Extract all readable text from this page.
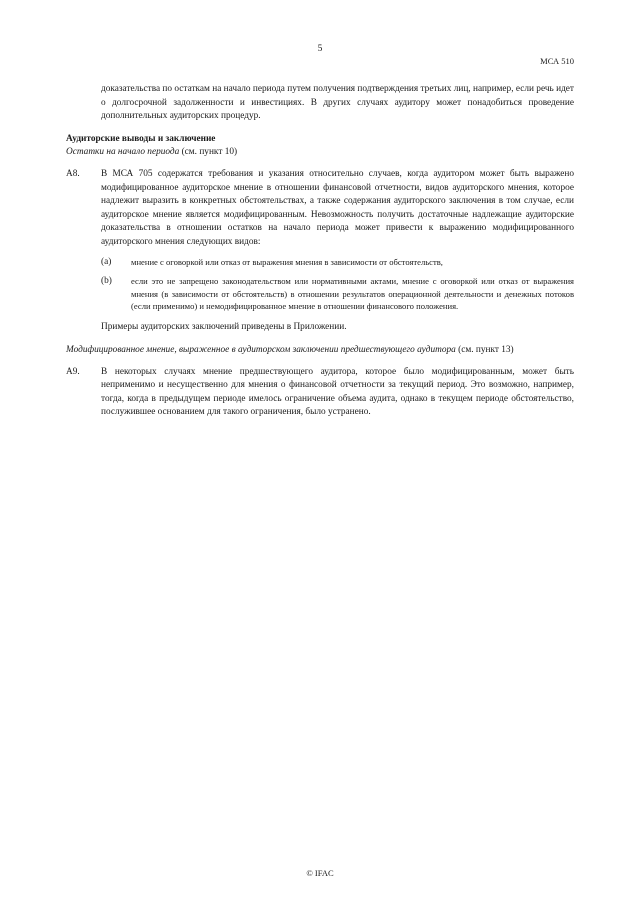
5
МСА 510
доказательства по остаткам на начало периода путем получения подтверждения третьих лиц, например, если речь идет о долгосрочной задолженности и инвестициях. В других случаях аудитору может понадобиться проведение дополнительных аудиторских процедур.
Аудиторские выводы и заключение
Остатки на начало периода (см. пункт 10)
A8.	В МСА 705 содержатся требования и указания относительно случаев, когда аудитором может быть выражено модифицированное аудиторское мнение в отношении финансовой отчетности, видов аудиторского мнения, которое надлежит выразить в конкретных обстоятельствах, а также содержания аудиторского заключения в том случае, если аудиторское мнение является модифицированным. Невозможность получить достаточные надлежащие аудиторские доказательства в отношении остатков на начало периода может привести к выражению модифицированного аудиторского мнения следующих видов:
(a)	мнение с оговоркой или отказ от выражения мнения в зависимости от обстоятельств,
(b)	если это не запрещено законодательством или нормативными актами, мнение с оговоркой или отказ от выражения мнения (в зависимости от обстоятельств) в отношении результатов операционной деятельности и денежных потоков (если применимо) и немодифицированное мнение в отношении финансового положения.
Примеры аудиторских заключений приведены в Приложении.
Модифицированное мнение, выраженное в аудиторском заключении предшествующего аудитора (см. пункт 13)
A9.	В некоторых случаях мнение предшествующего аудитора, которое было модифицированным, может быть неприменимо и несущественно для мнения о финансовой отчетности за текущий период. Это возможно, например, тогда, когда в предыдущем периоде имелось ограничение объема аудита, однако в текущем периоде обстоятельство, послужившее основанием для такого ограничения, было устранено.
© IFAC
